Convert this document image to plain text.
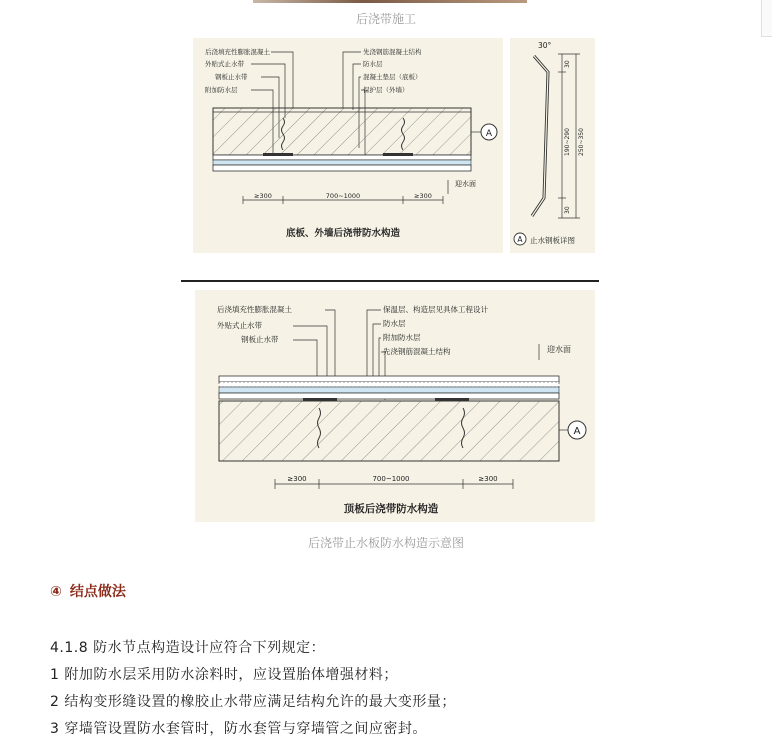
后浇带施工
后浇填充性膨胀混凝土
外贴式止水带
钢板止水带
附加防水层
先浇钢筋混凝土结构
防水层
混凝土垫层（底板）
保护层（外墙）
A
迎水面
≥300	700~1000	≥300
底板、外墙后浇带防水构造
30°
30
190~290 250~350
30
A 止水钢板详图
后浇填充性膨胀混凝土
外贴式止水带
钢板止水带
保温层、构造层见具体工程设计
防水层
附加防水层
先浇钢筋混凝土结构	迎水面
A
≥300	700~1000	≥300
顶板后浇带防水构造
后浇带止水板防水构造示意图
④ 结点做法
4.1.8 防水节点构造设计应符合下列规定：
1 附加防水层采用防水涂料时，应设置胎体增强材料；
2 结构变形缝设置的橡胶止水带应满足结构允许的最大变形量；
3 穿墙管设置防水套管时，防水套管与穿墙管之间应密封。
